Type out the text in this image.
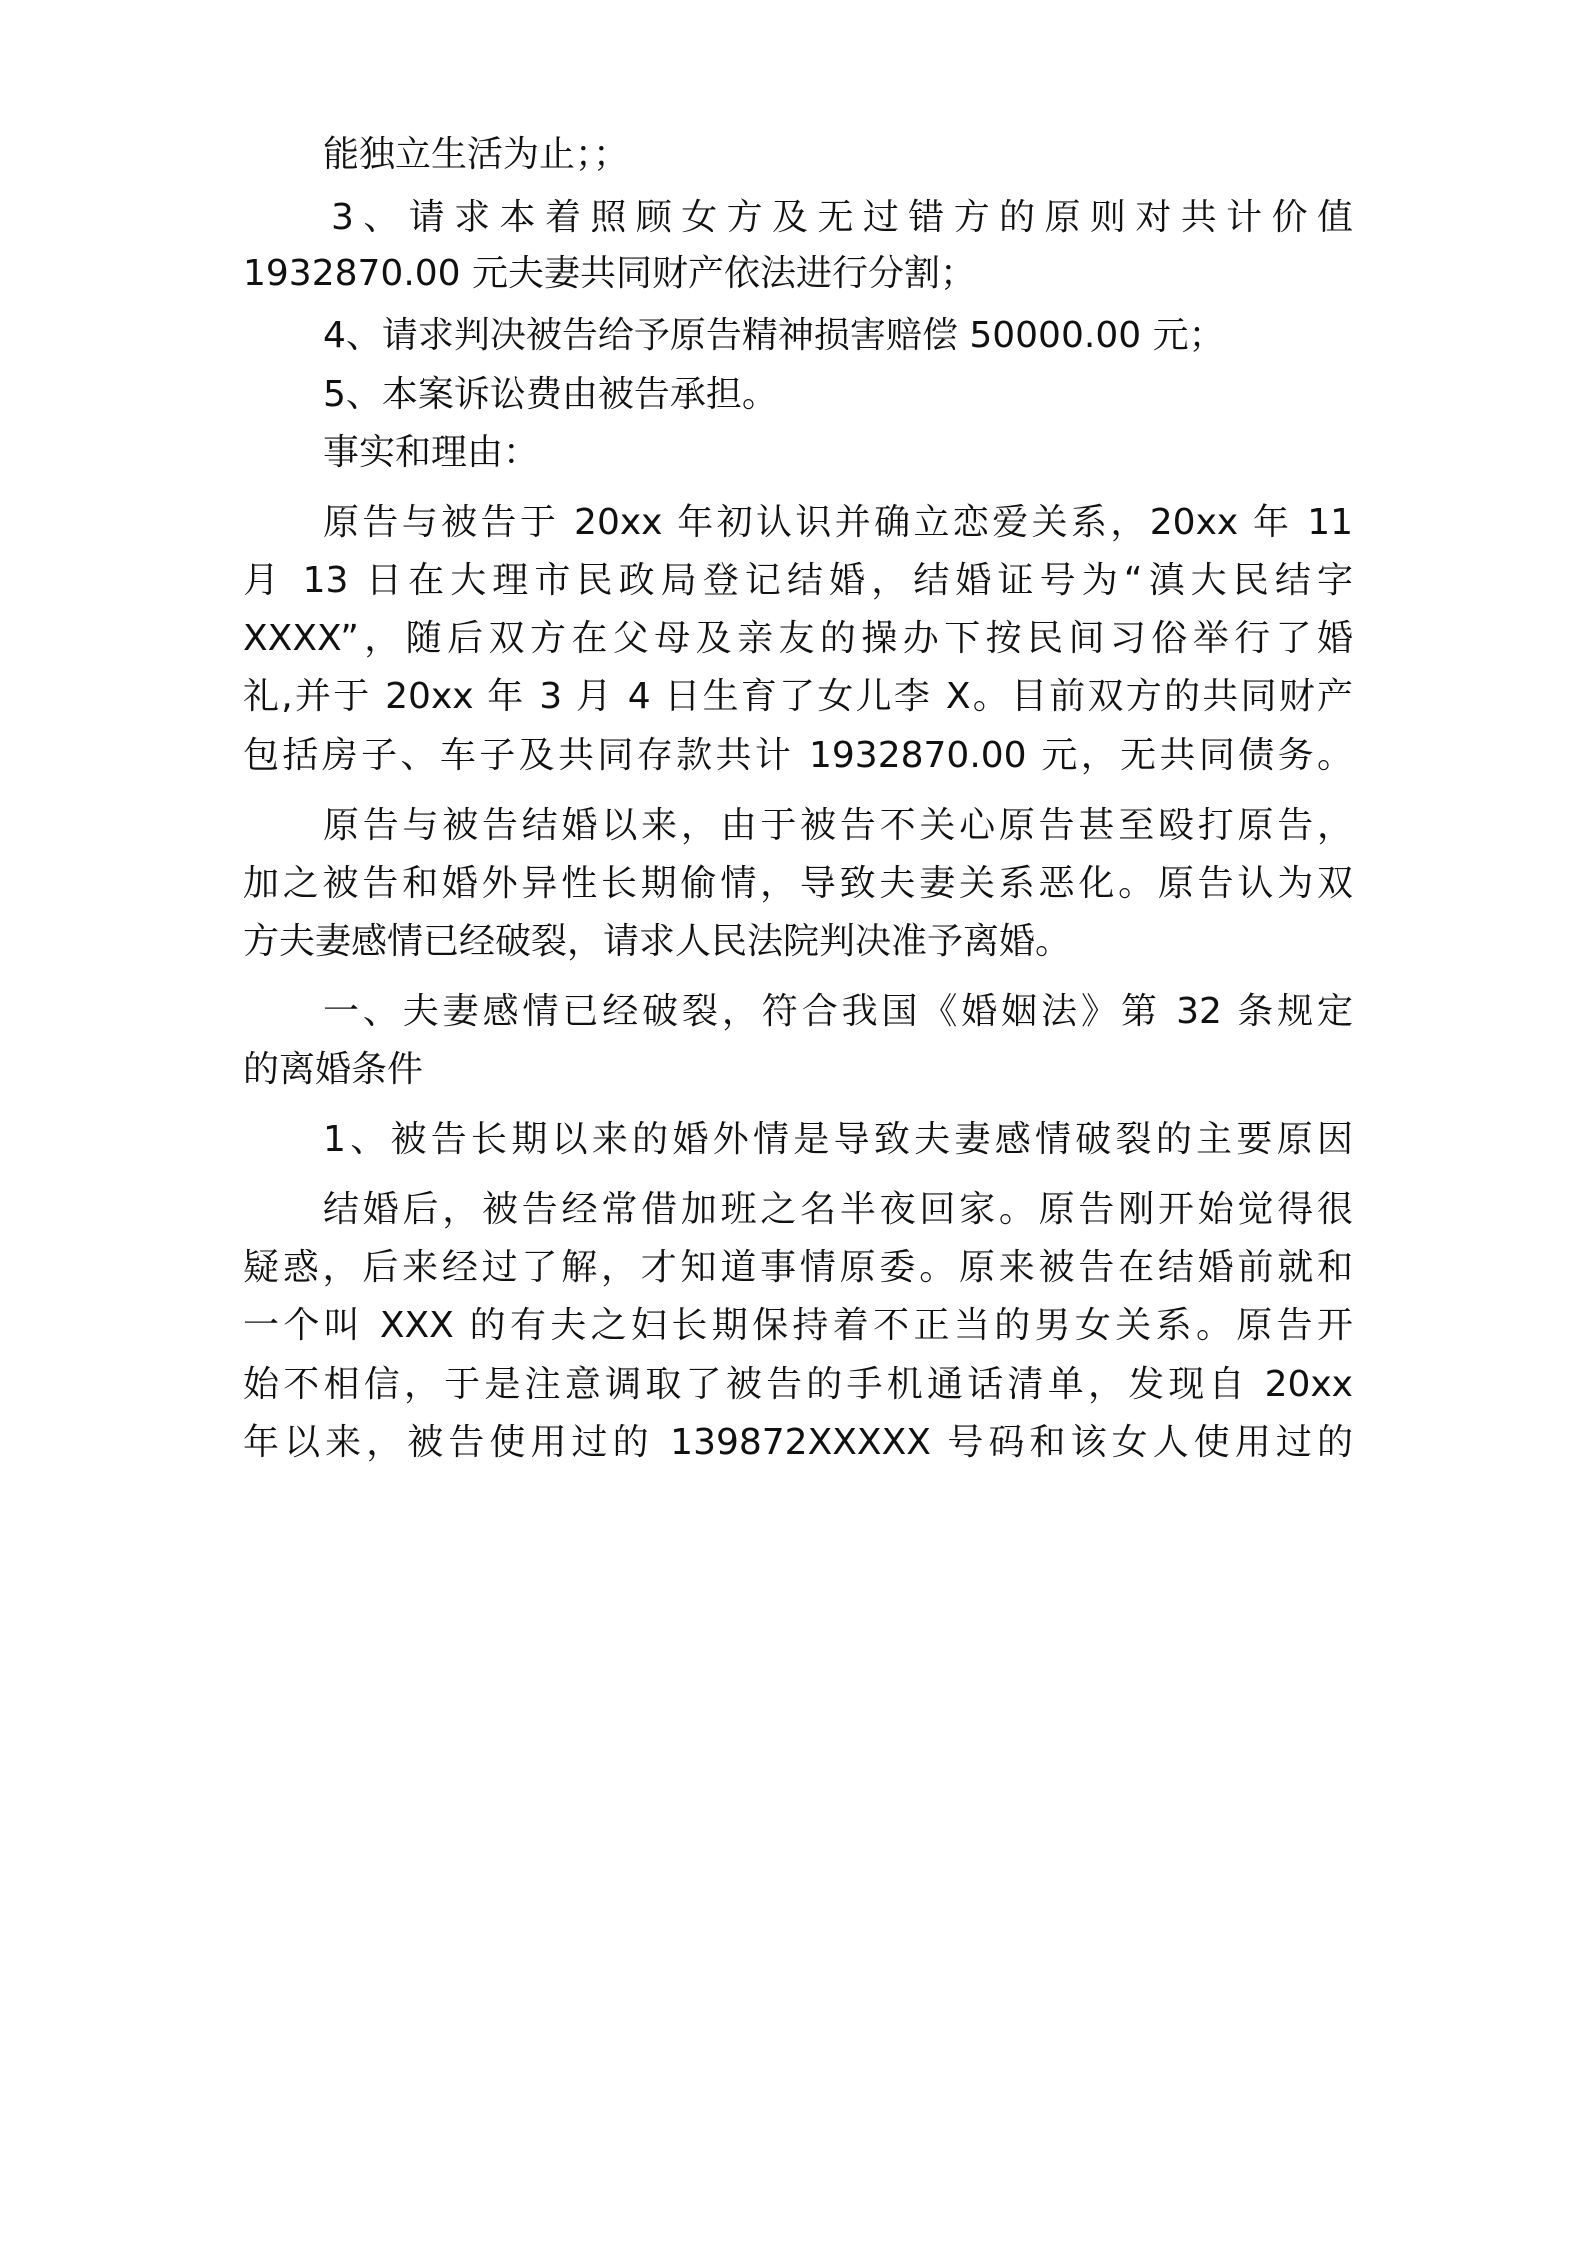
能独立生活为止；；
3、请求本着照顾女方及无过错方的原则对共计价值
1932870.00 元夫妻共同财产依法进行分割；
4、请求判决被告给予原告精神损害赔偿 50000.00 元；
5、本案诉讼费由被告承担。
事实和理由：
原告与被告于 20xx 年初认识并确立恋爱关系，20xx 年 11
月 13 日在大理市民政局登记结婚，结婚证号为“滇大民结字
XXXX”，随后双方在父母及亲友的操办下按民间习俗举行了婚
礼,并于 20xx 年 3 月 4 日生育了女儿李 X。目前双方的共同财产
包括房子、车子及共同存款共计 1932870.00 元，无共同债务。
原告与被告结婚以来，由于被告不关心原告甚至殴打原告，
加之被告和婚外异性长期偷情，导致夫妻关系恶化。原告认为双
方夫妻感情已经破裂，请求人民法院判决准予离婚。
一、夫妻感情已经破裂，符合我国《婚姻法》第 32 条规定
的离婚条件
1、被告长期以来的婚外情是导致夫妻感情破裂的主要原因
结婚后，被告经常借加班之名半夜回家。原告刚开始觉得很
疑惑，后来经过了解，才知道事情原委。原来被告在结婚前就和
一个叫 XXX 的有夫之妇长期保持着不正当的男女关系。原告开
始不相信，于是注意调取了被告的手机通话清单，发现自 20xx
年以来，被告使用过的 139872XXXXX 号码和该女人使用过的
